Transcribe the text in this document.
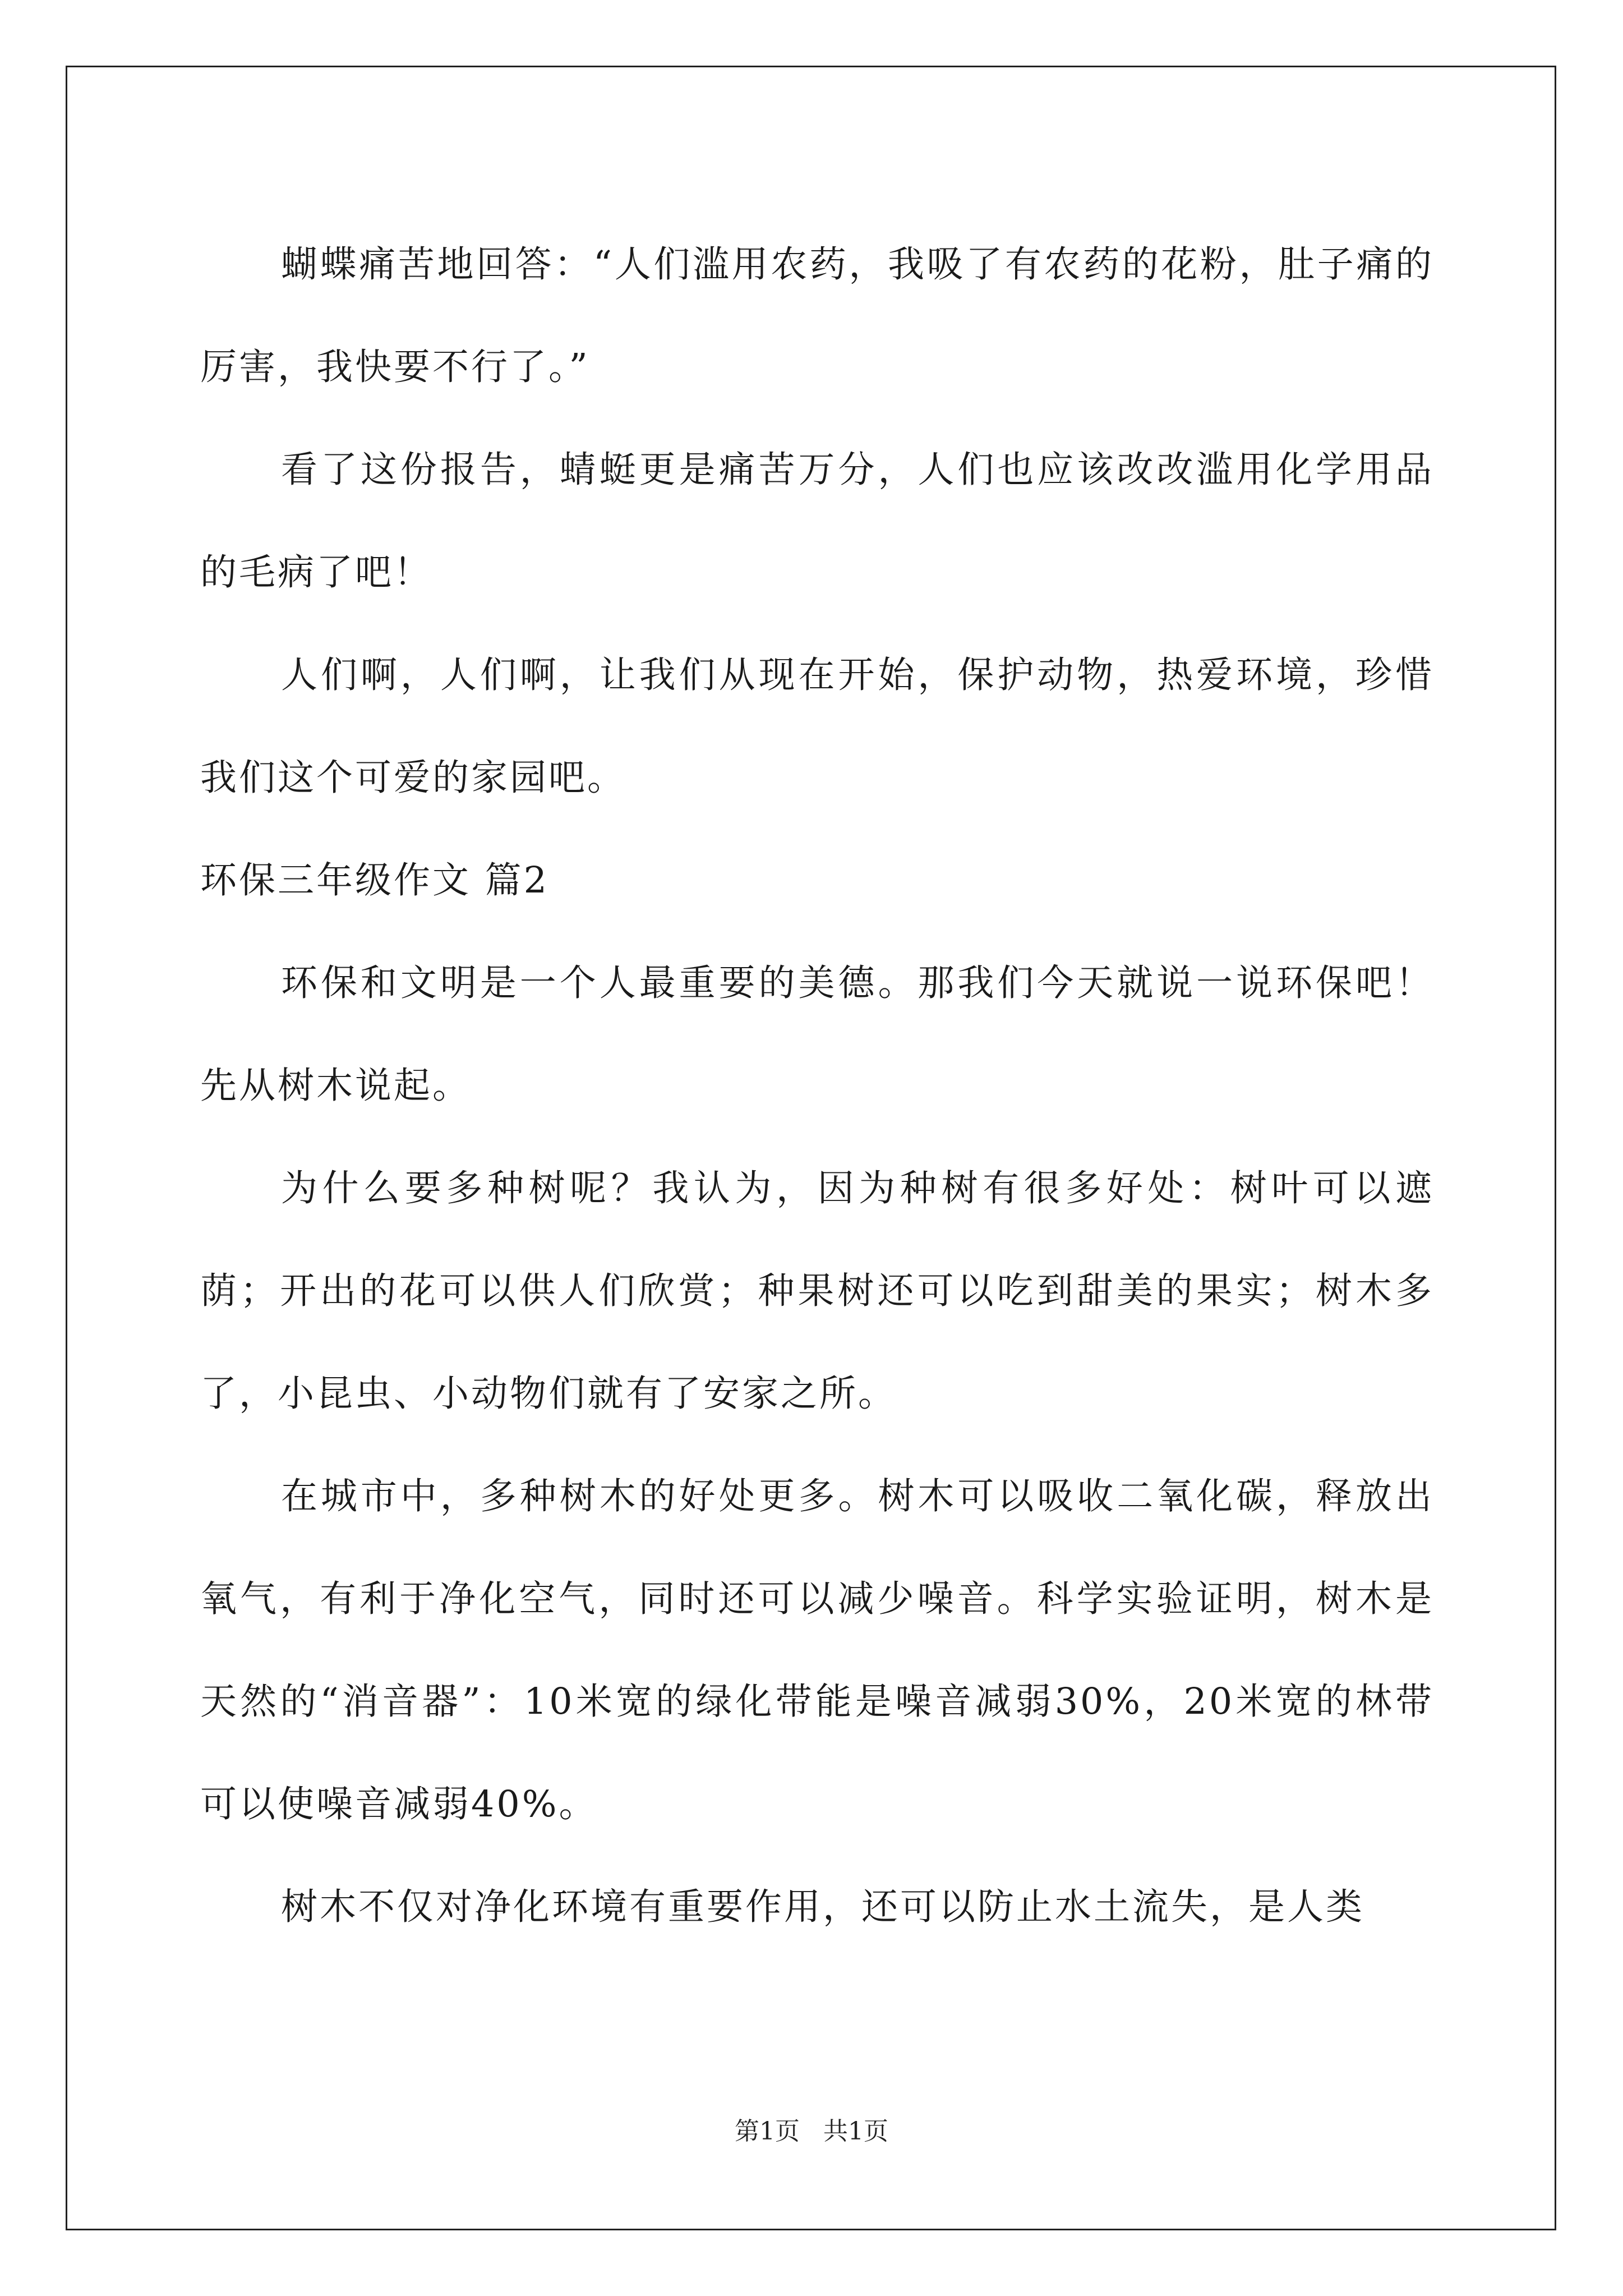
蝴蝶痛苦地回答：“人们滥用农药，我吸了有农药的花粉，肚子痛的厉害，我快要不行了。”

看了这份报告，蜻蜓更是痛苦万分，人们也应该改改滥用化学用品的毛病了吧！

人们啊，人们啊，让我们从现在开始，保护动物，热爱环境，珍惜我们这个可爱的家园吧。

环保三年级作文 篇2

环保和文明是一个人最重要的美德。那我们今天就说一说环保吧！先从树木说起。

为什么要多种树呢？我认为，因为种树有很多好处：树叶可以遮荫；开出的花可以供人们欣赏；种果树还可以吃到甜美的果实；树木多了，小昆虫、小动物们就有了安家之所。

在城市中，多种树木的好处更多。树木可以吸收二氧化碳，释放出氧气，有利于净化空气，同时还可以减少噪音。科学实验证明，树木是天然的“消音器”：10米宽的绿化带能是噪音减弱30%，20米宽的林带可以使噪音减弱40%。

树木不仅对净化环境有重要作用，还可以防止水土流失，是人类

第1页 共1页
